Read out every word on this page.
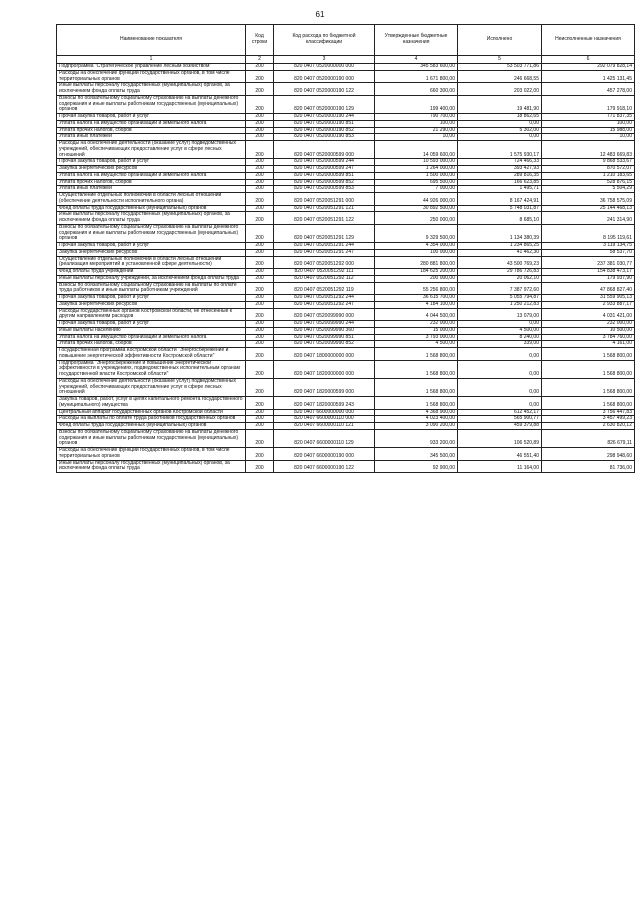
61
Наименование показателя	Код строки	Код расхода по бюджетной классификации	Утвержденные бюджетные назначения	Исполнено	Неисполненные назначения
1	2	3	4	5	6
Подпрограмма "Стратегическое управление лесным хозяйством"	200	820 0407 0520000000 000	345 583 600,00	53 503 771,86	292 079 828,14
Расходы на обеспечение функций государственных органов, в том числе территориальных органов	200	820 0407 0520000190 000	1 671 800,00	246 668,55	1 425 131,45
Иные выплаты персоналу государственных (муниципальных) органов, за исключением фонда оплаты труда	200	820 0407 0520000190 122	660 300,00	203 022,00	457 278,00
Взносы по обязательному социальному страхованию на выплаты денежного содержания и иные выплаты работникам государственных (муниципальных) органов	200	820 0407 0520000190 129	199 400,00	19 481,90	179 918,10
Прочая закупка товаров, работ и услуг	200	820 0407 0520000190 244	790 700,00	18 862,65	771 837,35
Уплата налога на имущество организаций и земельного налога	200	820 0407 0520000190 851	100,00	0,00	100,00
Уплата прочих налогов, сборов	200	820 0407 0520000190 852	21 290,00	5 302,00	15 988,00
Уплата иных платежей	200	820 0407 0520000190 853	10,00	0,00	10,00
Расходы на обеспечение деятельности (оказание услуг) подведомственных учреждений, обеспечивающих предоставление услуг в сфере лесных отношений	200	820 0407 0520000599 000	14 059 600,00	1 575 930,17	12 483 669,83
Прочая закупка товаров, работ и услуг	200	820 0407 0520000599 244	10 593 000,00	724 466,33	9 868 533,67
Закупка энергетических ресурсов	200	820 0407 0520000599 247	1 264 000,00	393 427,93	870 572,07
Уплата налога на имущество организаций и земельного налога	200	820 0407 0520000599 851	1 500 000,00	289 816,35	1 210 183,65
Уплата прочих налогов, сборов	200	820 0407 0520000599 852	695 500,00	166 623,85	528 876,15
Уплата иных платежей	200	820 0407 0520000599 853	7 000,00	1 495,71	5 504,29
Осуществление отдельных полномочий в области лесных отношений (обеспечение деятельности исполнительного органа)	200	820 0407 0520051291 000	44 926 000,00	8 167 424,91	36 758 575,09
Фонд оплаты труда государственных (муниципальных) органов	200	820 0407 0520051291 121	30 892 500,00	5 748 031,87	25 144 468,13
Иные выплаты персоналу государственных (муниципальных) органов, за исключением фонда оплаты труда	200	820 0407 0520051291 122	250 000,00	8 685,10	241 314,90
Взносы по обязательному социальному страхованию на выплаты денежного содержания и иные выплаты работникам государственных (муниципальных) органов	200	820 0407 0520051291 129	9 329 500,00	1 134 380,39	8 195 119,61
Прочая закупка товаров, работ и услуг	200	820 0407 0520051291 244	4 354 000,00	1 234 865,25	3 119 134,75
Закупка энергетических ресурсов	200	820 0407 0520051291 247	100 000,00	41 462,30	58 537,70
Осуществление отдельных полномочий в области лесных отношений (реализация мероприятий в установленной сфере деятельности)	200	820 0407 0520051292 000	280 881 800,00	43 500 769,23	237 381 030,77
Фонд оплаты труда учреждений	200	820 0407 0520051292 111	184 625 200,00	29 786 726,83	154 838 473,17
Иные выплаты персоналу учреждений, за исключением фонда оплаты труда	200	820 0407 0520051292 112	200 000,00	20 062,10	179 937,90
Взносы по обязательному социальному страхованию на выплаты по оплате труда работников и иные выплаты работникам учреждений	200	820 0407 0520051292 119	55 256 800,00	7 387 972,60	47 868 827,40
Прочая закупка товаров, работ и услуг	200	820 0407 0520051292 244	36 615 700,00	5 055 794,87	31 559 905,13
Закупка энергетических ресурсов	200	820 0407 0520051292 247	4 184 100,00	1 250 212,83	2 933 887,17
Расходы государственных органов Костромской области, не отнесенные к другим направлениям расходов	200	820 0407 0520099990 000	4 044 500,00	13 079,00	4 031 421,00
Прочая закупка товаров, работ и услуг	200	820 0407 0520099990 244	232 000,00	0,00	232 000,00
Иные выплаты населению	200	820 0407 0520099990 360	15 000,00	4 500,00	10 500,00
Уплата налога на имущество организаций и земельного налога	200	820 0407 0520099990 851	3 793 000,00	8 240,00	3 784 760,00
Уплата прочих налогов, сборов	200	820 0407 0520099990 852	4 500,00	339,00	4 161,00
Государственная программа Костромской области "Энергосбережение и повышение энергетической эффективности Костромской области"	200	820 0407 1800000000 000	1 568 800,00	0,00	1 568 800,00
Подпрограмма "Энергосбережение и повышение энергетической эффективности в учреждениях, подведомственных исполнительным органам государственной власти Костромской области"	200	820 0407 1820000000 000	1 568 800,00	0,00	1 568 800,00
Расходы на обеспечение деятельности (оказание услуг) подведомственных учреждений, обеспечивающих предоставление услуг в сфере лесных отношений	200	820 0407 1820000599 000	1 568 800,00	0,00	1 568 800,00
Закупка товаров, работ, услуг в целях капитального ремонта государственного (муниципального) имущества	200	820 0407 1820000599 243	1 568 800,00	0,00	1 568 800,00
Центральный аппарат государственных органов Костромской области	200	820 0407 6600000000 000	4 368 900,00	612 452,17	3 756 447,83
Расходы на выплаты по оплате труда работников государственных органов	200	820 0407 6600000110 000	4 023 400,00	565 900,77	3 457 499,23
Фонд оплаты труда государственных (муниципальных) органов	200	820 0407 6600000110 121	3 090 200,00	459 379,88	2 630 820,12
Взносы по обязательному социальному страхованию на выплаты денежного содержания и иные выплаты работникам государственных (муниципальных) органов	200	820 0407 6600000110 129	933 200,00	106 520,89	826 679,11
Расходы на обеспечение функций государственных органов, в том числе территориальных органов	200	820 0407 6600000190 000	345 500,00	46 551,40	298 948,60
Иные выплаты персоналу государственных (муниципальных) органов, за исключением фонда оплаты труда	200	820 0407 6600000190 122	92 900,00	11 164,00	81 736,00
